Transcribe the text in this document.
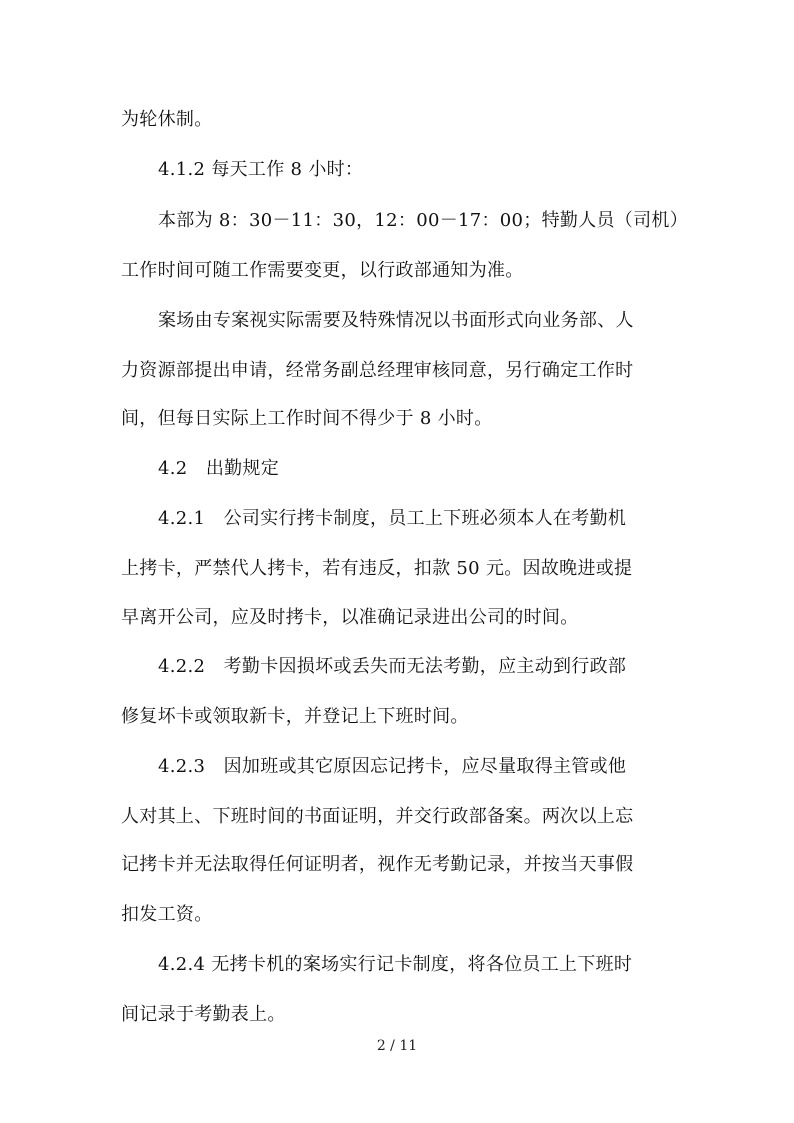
为轮休制。
4.1.2 每天工作 8 小时：
本部为 8：30－11：30，12：00－17：00；特勤人员（司机）
工作时间可随工作需要变更，以行政部通知为准。
案场由专案视实际需要及特殊情况以书面形式向业务部、人
力资源部提出申请，经常务副总经理审核同意，另行确定工作时
间，但每日实际上工作时间不得少于 8 小时。
4.2　出勤规定
4.2.1　公司实行拷卡制度，员工上下班必须本人在考勤机
上拷卡，严禁代人拷卡，若有违反，扣款 50 元。因故晚进或提
早离开公司，应及时拷卡，以准确记录进出公司的时间。
4.2.2　考勤卡因损坏或丢失而无法考勤，应主动到行政部
修复坏卡或领取新卡，并登记上下班时间。
4.2.3　因加班或其它原因忘记拷卡，应尽量取得主管或他
人对其上、下班时间的书面证明，并交行政部备案。两次以上忘
记拷卡并无法取得任何证明者，视作无考勤记录，并按当天事假
扣发工资。
4.2.4 无拷卡机的案场实行记卡制度，将各位员工上下班时
间记录于考勤表上。
2 / 11
